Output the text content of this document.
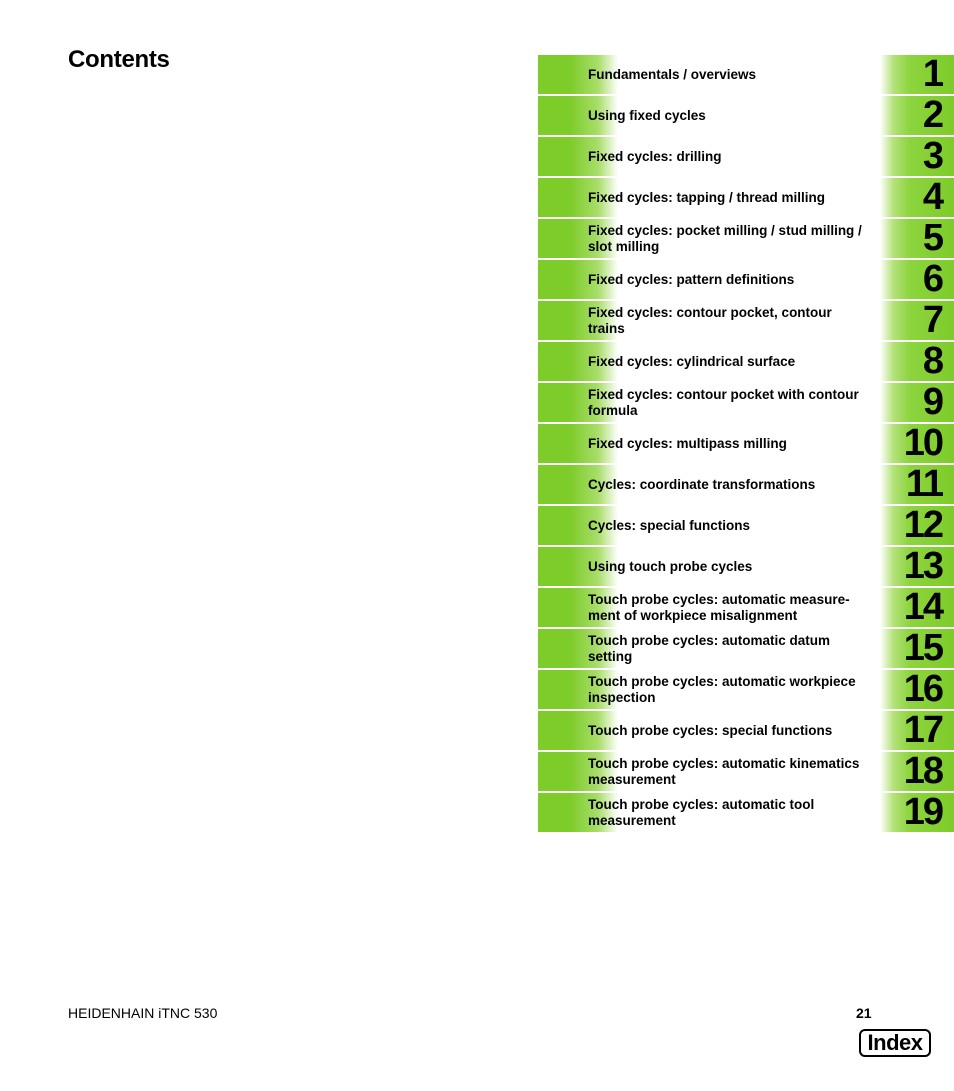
Contents
Fundamentals / overviews	1
Using fixed cycles	2
Fixed cycles: drilling	3
Fixed cycles: tapping / thread milling	4
Fixed cycles: pocket milling / stud milling / slot milling	5
Fixed cycles: pattern definitions	6
Fixed cycles: contour pocket, contour trains	7
Fixed cycles: cylindrical surface	8
Fixed cycles: contour pocket with contour formula	9
Fixed cycles: multipass milling	10
Cycles: coordinate transformations	11
Cycles: special functions	12
Using touch probe cycles	13
Touch probe cycles: automatic measure-ment of workpiece misalignment	14
Touch probe cycles: automatic datum setting	15
Touch probe cycles: automatic workpiece inspection	16
Touch probe cycles: special functions	17
Touch probe cycles: automatic kinematics measurement	18
Touch probe cycles: automatic tool measurement	19
HEIDENHAIN iTNC 530	21
Index
